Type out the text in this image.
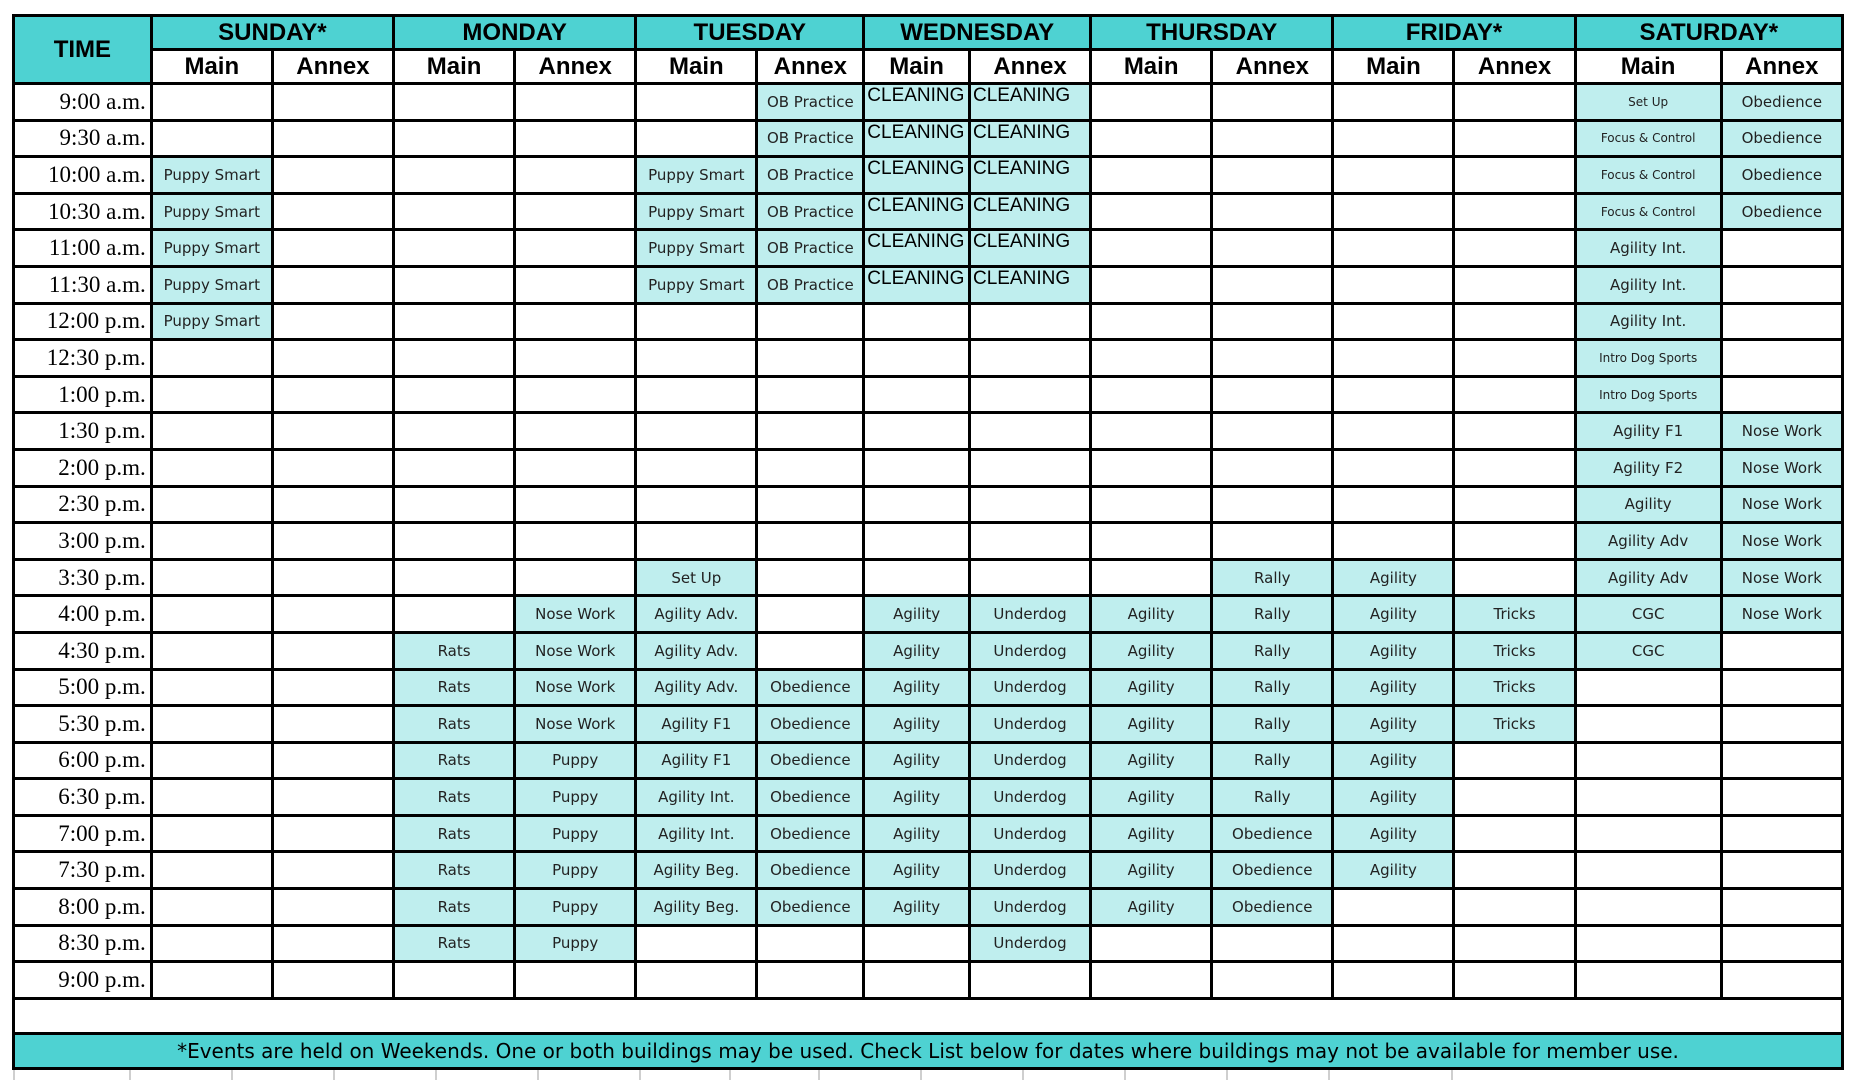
TIME	SUNDAY*		MONDAY		TUESDAY		WEDNESDAY		THURSDAY		FRIDAY*		SATURDAY*	
	Main	Annex	Main	Annex	Main	Annex	Main	Annex	Main	Annex	Main	Annex	Main	Annex
9:00 a.m.						OB Practice	CLEANING	CLEANING					Set Up	Obedience
9:30 a.m.						OB Practice	CLEANING	CLEANING					Focus & Control	Obedience
10:00 a.m.	Puppy Smart				Puppy Smart	OB Practice	CLEANING	CLEANING					Focus & Control	Obedience
10:30 a.m.	Puppy Smart				Puppy Smart	OB Practice	CLEANING	CLEANING					Focus & Control	Obedience
11:00 a.m.	Puppy Smart				Puppy Smart	OB Practice	CLEANING	CLEANING					Agility Int.	
11:30 a.m.	Puppy Smart				Puppy Smart	OB Practice	CLEANING	CLEANING					Agility Int.	
12:00 p.m.	Puppy Smart												Agility Int.	
12:30 p.m.													Intro Dog Sports	
1:00 p.m.													Intro Dog Sports	
1:30 p.m.													Agility F1	Nose Work
2:00 p.m.													Agility F2	Nose Work
2:30 p.m.													Agility	Nose Work
3:00 p.m.													Agility Adv	Nose Work
3:30 p.m.					Set Up					Rally	Agility		Agility Adv	Nose Work
4:00 p.m.				Nose Work	Agility Adv.		Agility	Underdog	Agility	Rally	Agility	Tricks	CGC	Nose Work
4:30 p.m.			Rats	Nose Work	Agility Adv.		Agility	Underdog	Agility	Rally	Agility	Tricks	CGC	
5:00 p.m.			Rats	Nose Work	Agility Adv.	Obedience	Agility	Underdog	Agility	Rally	Agility	Tricks		
5:30 p.m.			Rats	Nose Work	Agility F1	Obedience	Agility	Underdog	Agility	Rally	Agility	Tricks		
6:00 p.m.			Rats	Puppy	Agility F1	Obedience	Agility	Underdog	Agility	Rally	Agility			
6:30 p.m.			Rats	Puppy	Agility Int.	Obedience	Agility	Underdog	Agility	Rally	Agility			
7:00 p.m.			Rats	Puppy	Agility Int.	Obedience	Agility	Underdog	Agility	Obedience	Agility			
7:30 p.m.			Rats	Puppy	Agility Beg.	Obedience	Agility	Underdog	Agility	Obedience	Agility			
8:00 p.m.			Rats	Puppy	Agility Beg.	Obedience	Agility	Underdog	Agility	Obedience				
8:30 p.m.			Rats	Puppy				Underdog						
9:00 p.m.														

*Events are held on Weekends. One or both buildings may be used. Check List below for dates where buildings may not be available for member use.														
